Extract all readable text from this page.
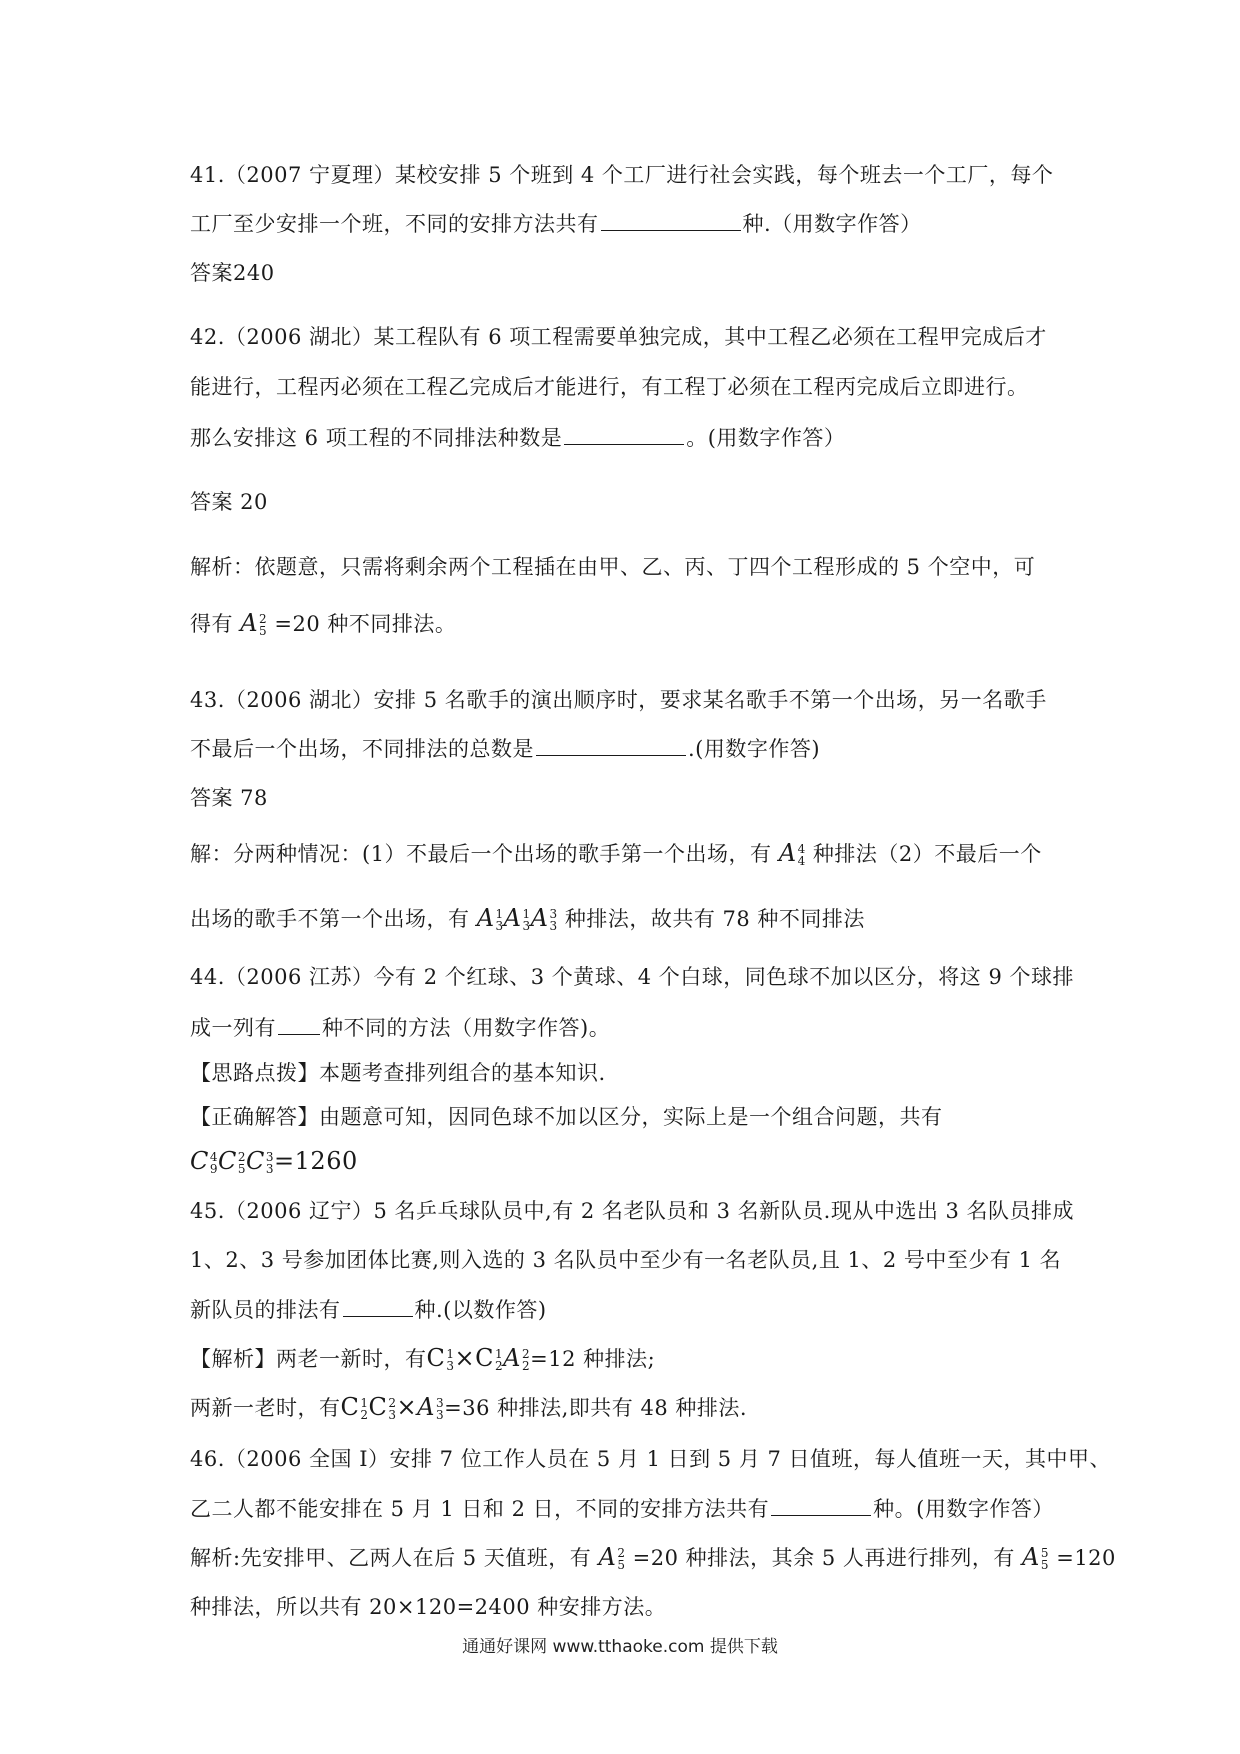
41.（2007 宁夏理）某校安排 5 个班到 4 个工厂进行社会实践，每个班去一个工厂，每个
工厂至少安排一个班，不同的安排方法共有	种.（用数字作答）
答案240
42.（2006 湖北）某工程队有 6 项工程需要单独完成，其中工程乙必须在工程甲完成后才
能进行，工程丙必须在工程乙完成后才能进行，有工程丁必须在工程丙完成后立即进行。
那么安排这 6 项工程的不同排法种数是	。(用数字作答）
答案 20
解析：依题意，只需将剩余两个工程插在由甲、乙、丙、丁四个工程形成的 5 个空中，可
得有 A 2
5 =20 种不同排法。
43.（2006 湖北）安排 5 名歌手的演出顺序时，要求某名歌手不第一个出场，另一名歌手
不最后一个出场，不同排法的总数是	.(用数字作答)
答案 78
解：分两种情况：(1）不最后一个出场的歌手第一个出场，有 A 4
4 种排法（2）不最后一个
出场的歌手不第一个出场，有 A 1
3 A 1
3 A 3
3 种排法，故共有 78 种不同排法
44.（2006 江苏）今有 2 个红球、3 个黄球、4 个白球，同色球不加以区分，将这 9 个球排
成一列有 种不同的方法（用数字作答)。
【思路点拨】本题考查排列组合的基本知识.
【正确解答】由题意可知，因同色球不加以区分，实际上是一个组合问题，共有
C 4
9 C 2
5 C 3
3 =1260
45.（2006 辽宁）5 名乒乓球队员中,有 2 名老队员和 3 名新队员.现从中选出 3 名队员排成
1、2、3 号参加团体比赛,则入选的 3 名队员中至少有一名老队员,且 1、2 号中至少有 1 名
新队员的排法有	种.(以数作答)
【解析】两老一新时，有C 1
3 ×C 1
2 A 2
2 =12 种排法;
两新一老时，有C 1
2 C 2
3 ×A 3
3 =36 种排法,即共有 48 种排法.
46.（2006 全国 I）安排 7 位工作人员在 5 月 1 日到 5 月 7 日值班，每人值班一天，其中甲、
乙二人都不能安排在 5 月 1 日和 2 日，不同的安排方法共有	种。(用数字作答）
解析:先安排甲、乙两人在后 5 天值班，有 A 2
5 =20 种排法，其余 5 人再进行排列，有 A 5
5 =120
种排法，所以共有 20×120=2400 种安排方法。
通通好课网 www.tthaoke.com 提供下载
